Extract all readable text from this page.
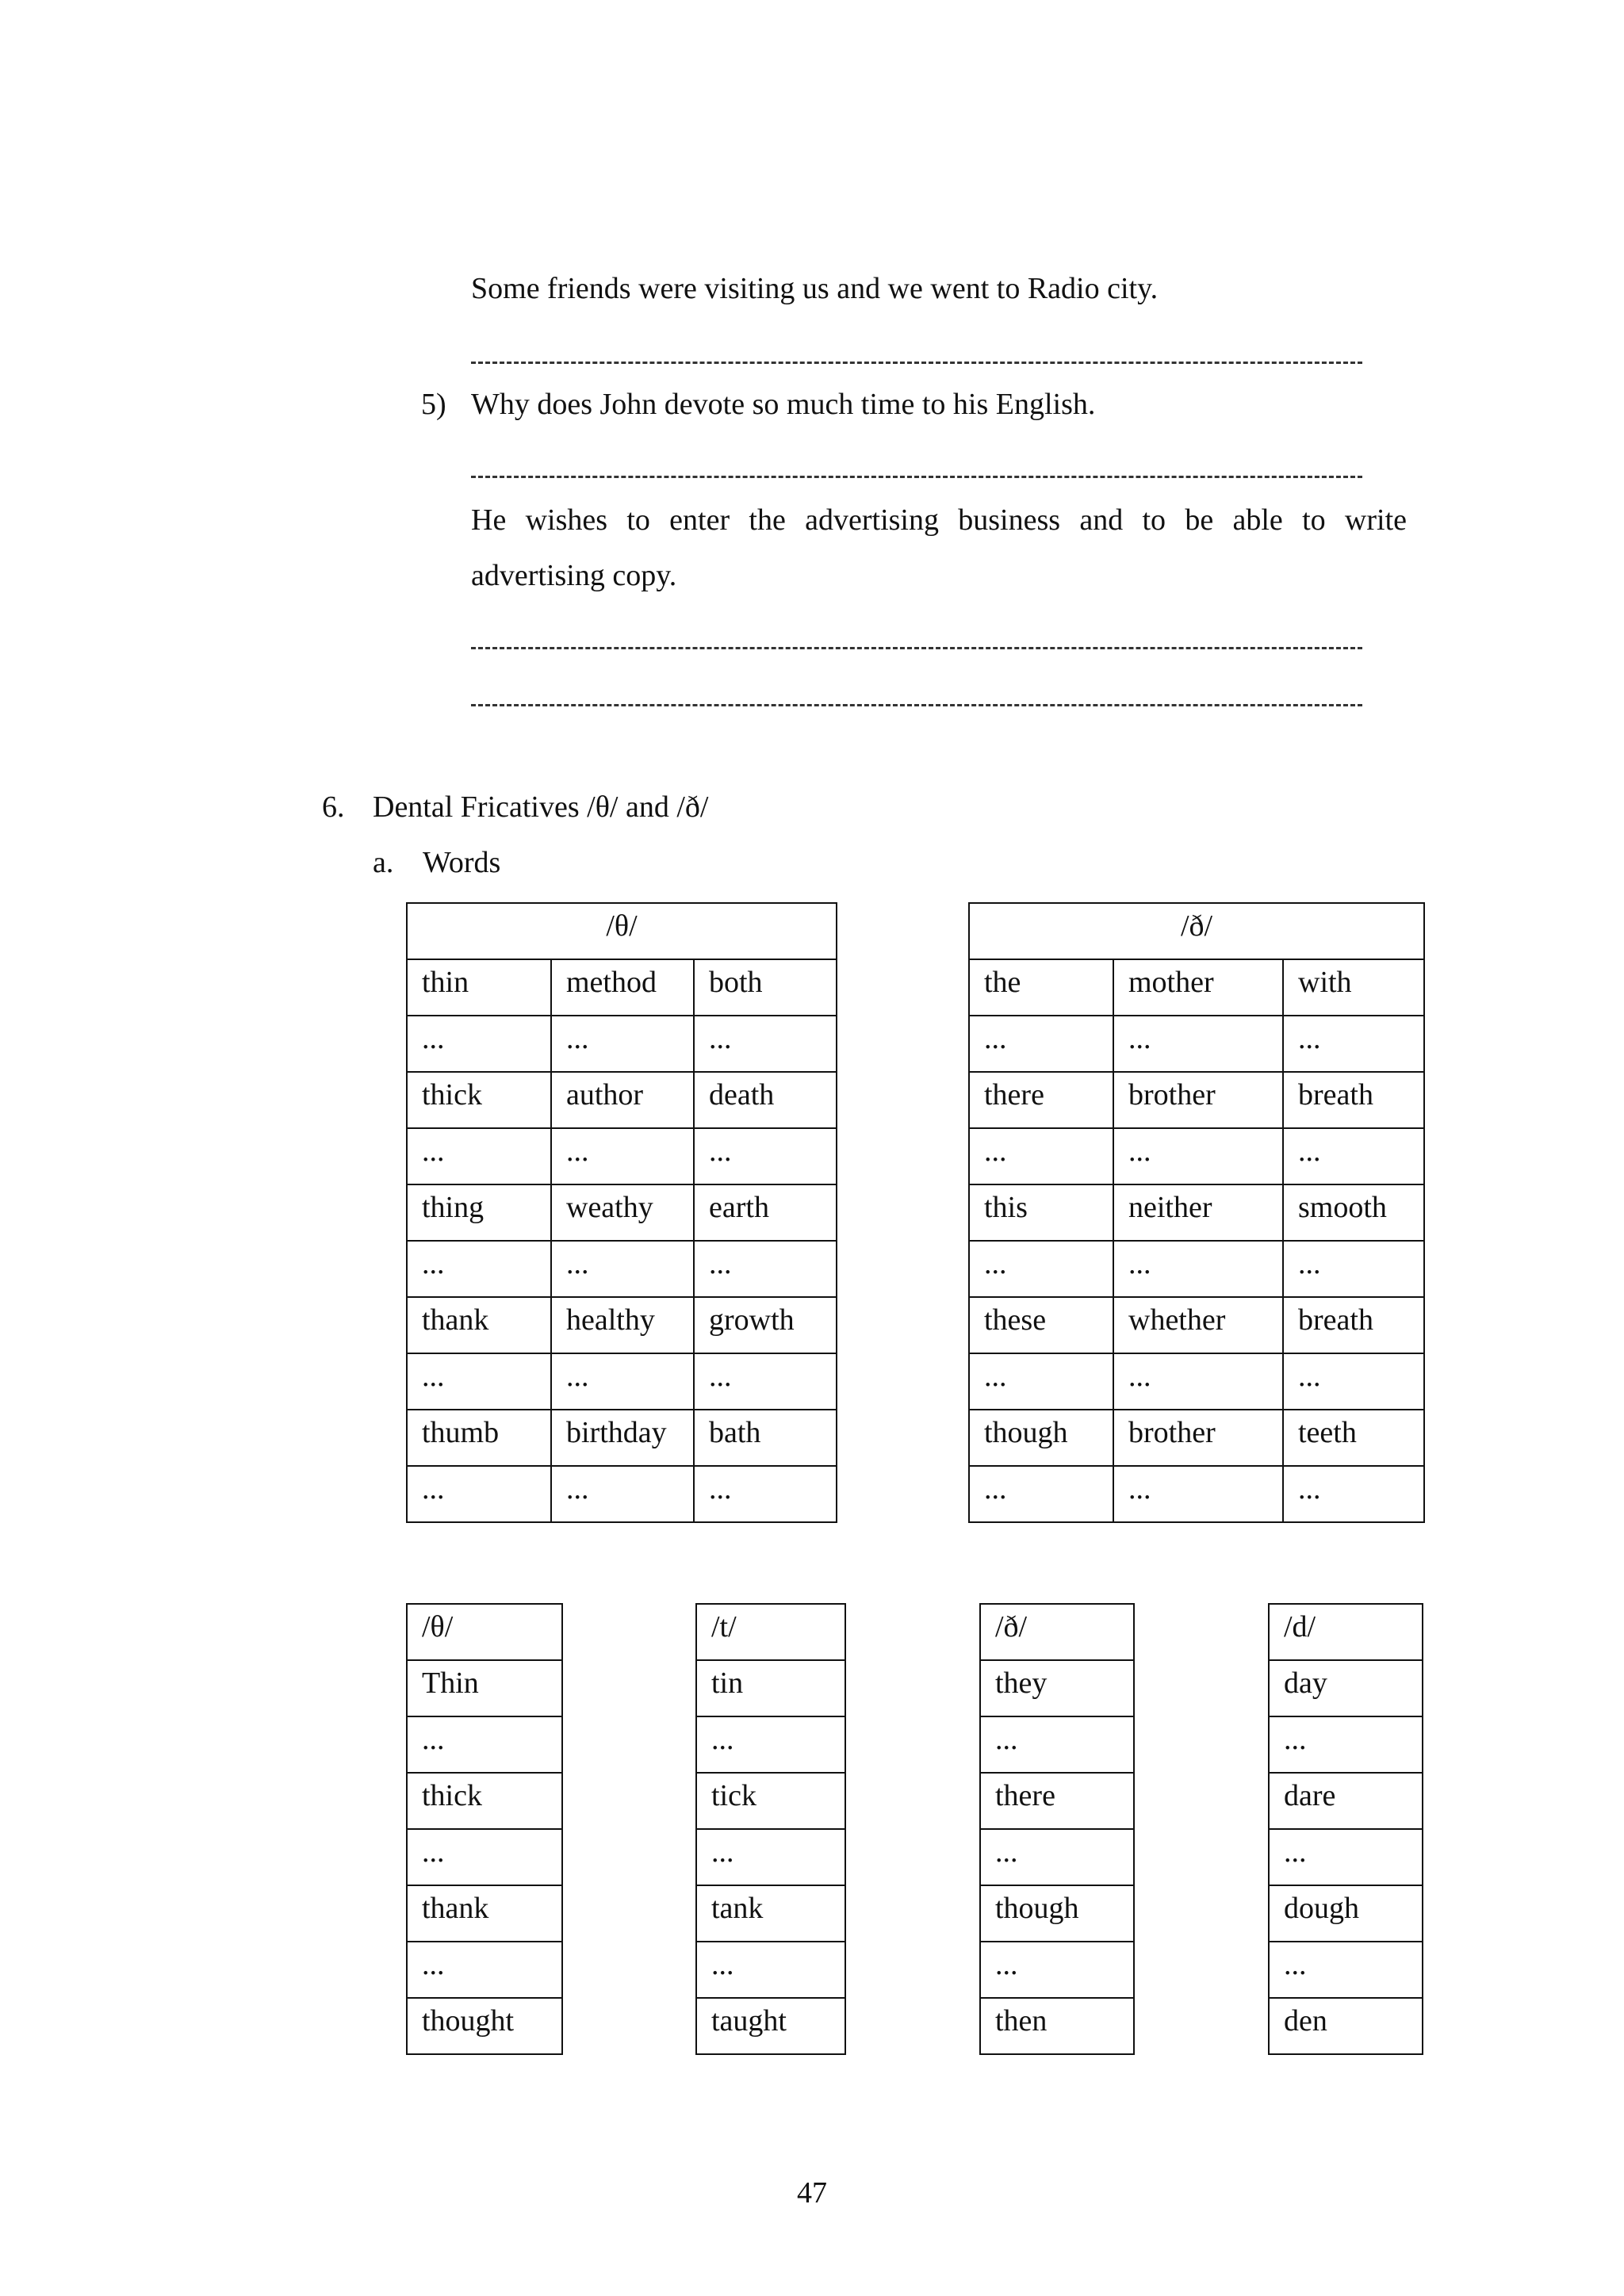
Some friends were visiting us and we went to Radio city.
5) Why does John devote so much time to his English.
He wishes to enter the advertising business and to be able to write advertising copy.
6. Dental Fricatives /θ/ and /ð/
a. Words
/θ/		
thin	method	both
...	...	...
thick	author	death
...	...	...
thing	weathy	earth
...	...	...
thank	healthy	growth
...	...	...
thumb	birthday	bath
...	...	...
/ð/		
the	mother	with
...	...	...
there	brother	breath
...	...	...
this	neither	smooth
...	...	...
these	whether	breath
...	...	...
though	brother	teeth
...	...	...
/θ/
Thin
...
thick
...
thank
...
thought
/t/
tin
...
tick
...
tank
...
taught
/ð/
they
...
there
...
though
...
then
/d/
day
...
dare
...
dough
...
den
47
